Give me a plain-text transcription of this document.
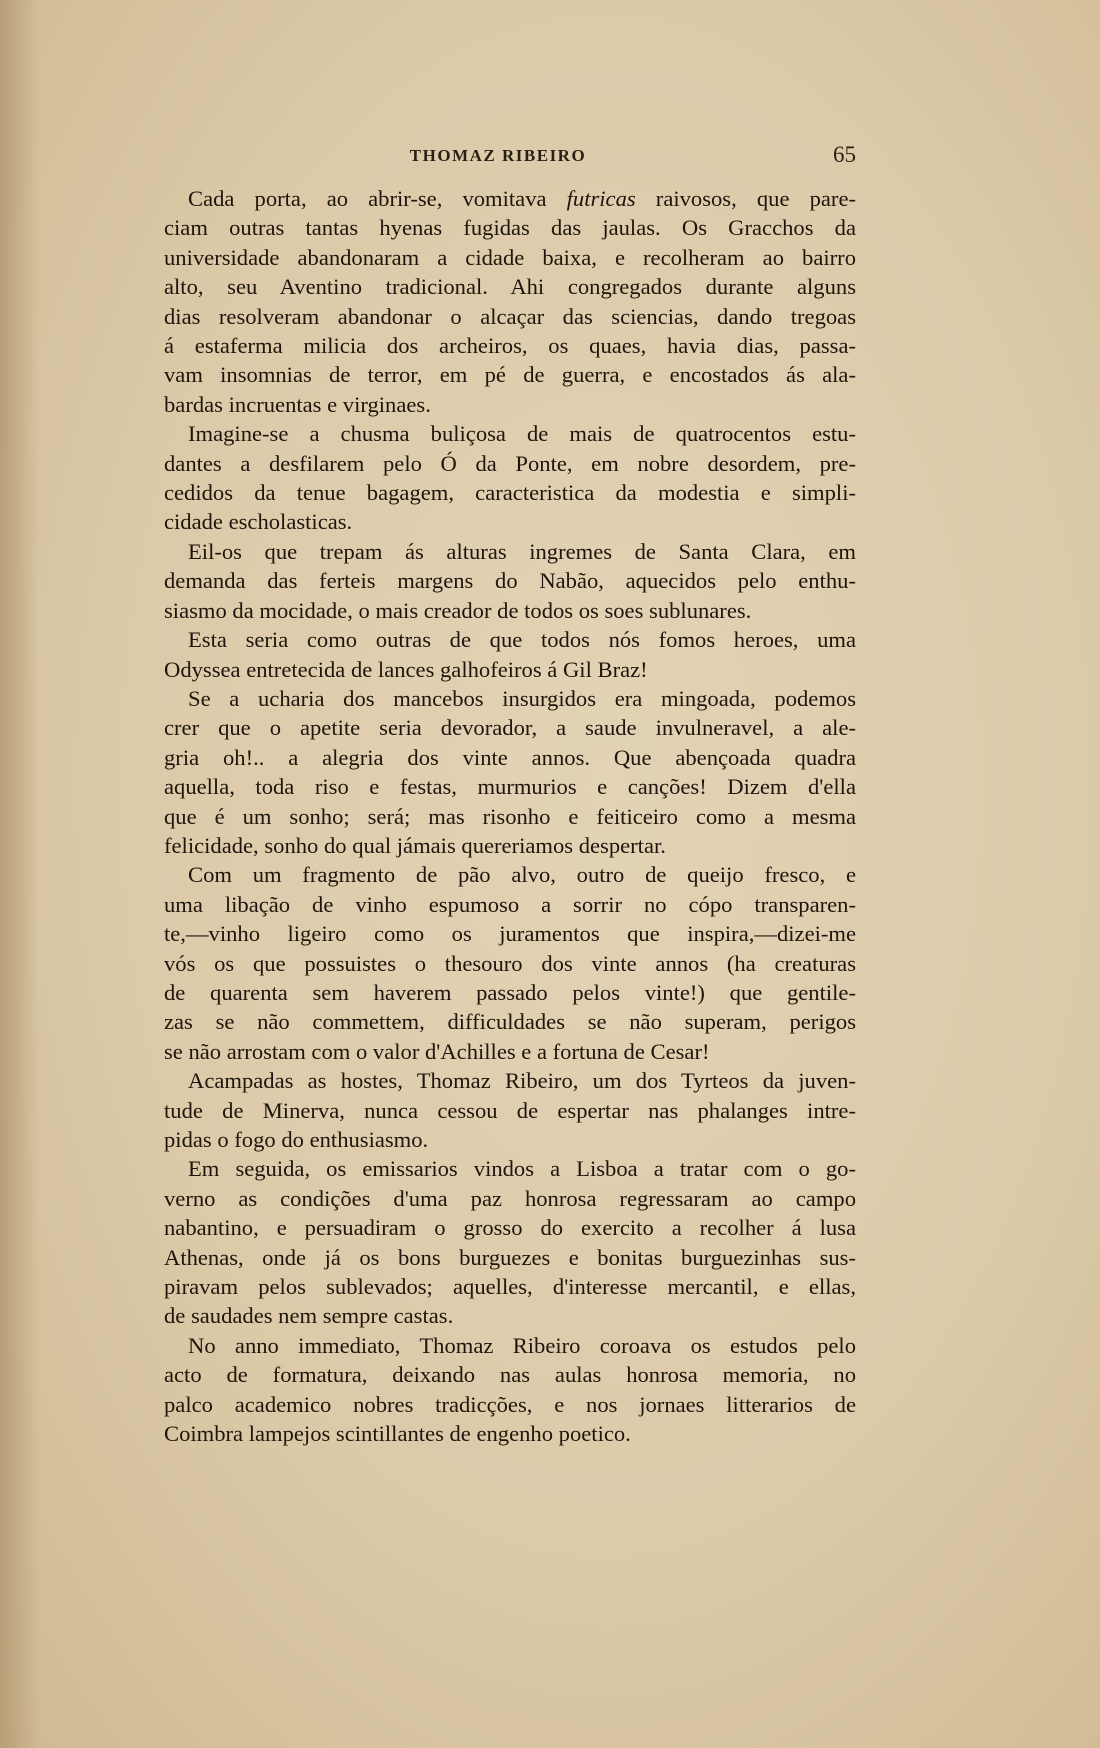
THOMAZ RIBEIRO	65
Cada porta, ao abrir-se, vomitava futricas raivosos, que pare-
ciam outras tantas hyenas fugidas das jaulas. Os Gracchos da
universidade abandonaram a cidade baixa, e recolheram ao bairro
alto, seu Aventino tradicional. Ahi congregados durante alguns
dias resolveram abandonar o alcaçar das sciencias, dando tregoas
á estaferma milicia dos archeiros, os quaes, havia dias, passa-
vam insomnias de terror, em pé de guerra, e encostados ás ala-
bardas incruentas e virginaes.
Imagine-se a chusma buliçosa de mais de quatrocentos estu-
dantes a desfilarem pelo Ó da Ponte, em nobre desordem, pre-
cedidos da tenue bagagem, caracteristica da modestia e simpli-
cidade escholasticas.
Eil-os que trepam ás alturas ingremes de Santa Clara, em
demanda das ferteis margens do Nabão, aquecidos pelo enthu-
siasmo da mocidade, o mais creador de todos os soes sublunares.
Esta seria como outras de que todos nós fomos heroes, uma
Odyssea entretecida de lances galhofeiros á Gil Braz!
Se a ucharia dos mancebos insurgidos era mingoada, podemos
crer que o apetite seria devorador, a saude invulneravel, a ale-
gria oh!.. a alegria dos vinte annos. Que abençoada quadra
aquella, toda riso e festas, murmurios e canções! Dizem d'ella
que é um sonho; será; mas risonho e feiticeiro como a mesma
felicidade, sonho do qual jámais quereriamos despertar.
Com um fragmento de pão alvo, outro de queijo fresco, e
uma libação de vinho espumoso a sorrir no cópo transparen-
te,—vinho ligeiro como os juramentos que inspira,—dizei-me
vós os que possuistes o thesouro dos vinte annos (ha creaturas
de quarenta sem haverem passado pelos vinte!) que gentile-
zas se não commettem, difficuldades se não superam, perigos
se não arrostam com o valor d'Achilles e a fortuna de Cesar!
Acampadas as hostes, Thomaz Ribeiro, um dos Tyrteos da juven-
tude de Minerva, nunca cessou de espertar nas phalanges intre-
pidas o fogo do enthusiasmo.
Em seguida, os emissarios vindos a Lisboa a tratar com o go-
verno as condições d'uma paz honrosa regressaram ao campo
nabantino, e persuadiram o grosso do exercito a recolher á lusa
Athenas, onde já os bons burguezes e bonitas burguezinhas sus-
piravam pelos sublevados; aquelles, d'interesse mercantil, e ellas,
de saudades nem sempre castas.
No anno immediato, Thomaz Ribeiro coroava os estudos pelo
acto de formatura, deixando nas aulas honrosa memoria, no
palco academico nobres tradicções, e nos jornaes litterarios de
Coimbra lampejos scintillantes de engenho poetico.
